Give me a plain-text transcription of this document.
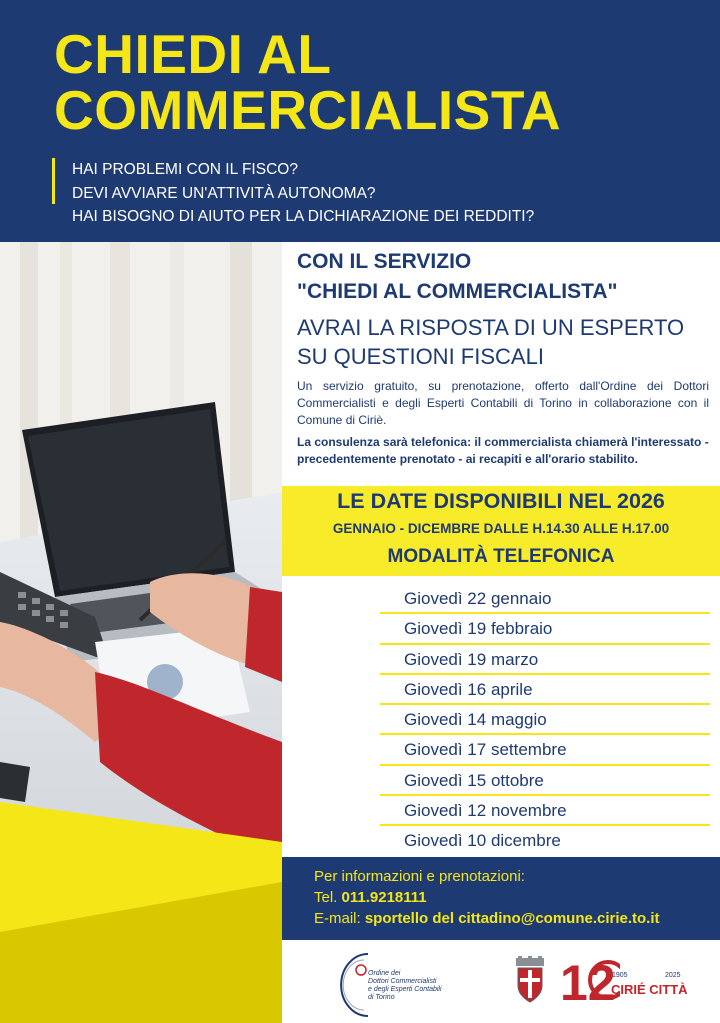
CHIEDI AL
COMMERCIALISTA
HAI PROBLEMI CON IL FISCO?
DEVI AVVIARE UN'ATTIVITÀ AUTONOMA?
HAI BISOGNO DI AIUTO PER LA DICHIARAZIONE DEI REDDITI?
CON IL SERVIZIO
"CHIEDI AL COMMERCIALISTA"
AVRAI LA RISPOSTA DI UN ESPERTO
SU QUESTIONI FISCALI
Un servizio gratuito, su prenotazione, offerto dall'Ordine dei Dottori Commercialisti e degli Esperti Contabili di Torino in collaborazione con il Comune di Ciriè.
La consulenza sarà telefonica: il commercialista chiamerà l'interessato - precedentemente prenotato - ai recapiti e all'orario stabilito.
LE DATE DISPONIBILI NEL 2026
GENNAIO - DICEMBRE DALLE H.14.30 ALLE H.17.00
MODALITÀ TELEFONICA
Giovedì 22 gennaio
Giovedì 19 febbraio
Giovedì 19 marzo
Giovedì 16 aprile
Giovedì 14 maggio
Giovedì 17 settembre
Giovedì 15 ottobre
Giovedì 12 novembre
Giovedì 10 dicembre
Per informazioni e prenotazioni:
Tel. 011.9218111
E-mail: sportello del cittadino@comune.cirie.to.it
Ordine dei
Dottori Commercialisti
e degli Esperti Contabili
di Torino	12
1905	2025
CIRIÉ CITTÀ
